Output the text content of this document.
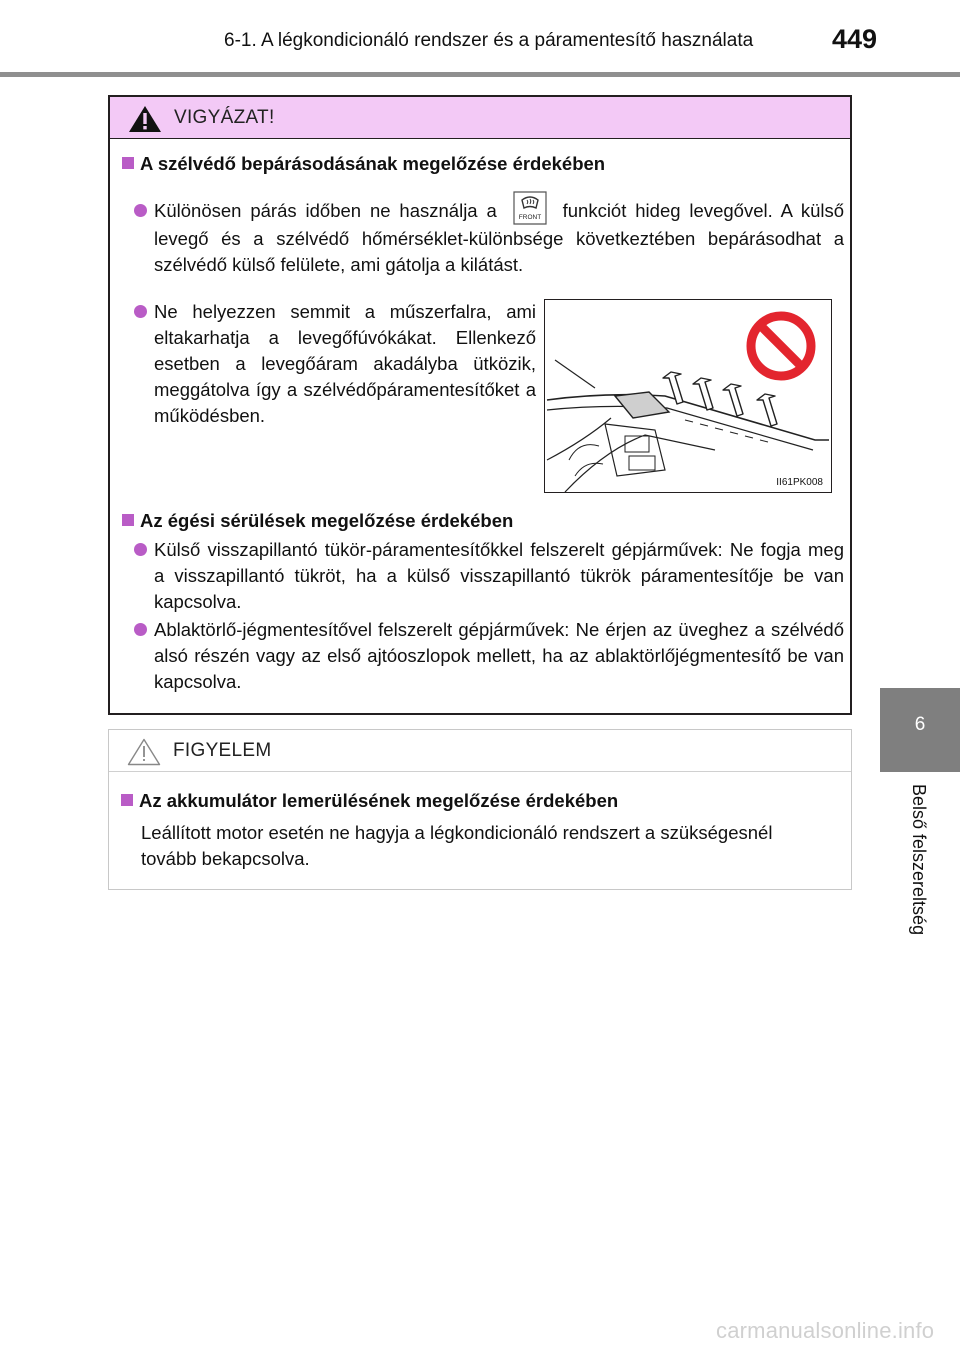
6-1. A légkondicionáló rendszer és a páramentesítő használata	449
6
Belső felszereltség
VIGYÁZAT!
A szélvédő bepárásodásának megelőzése érdekében
Különösen párás időben ne használja a	FRONT funkciót hideg levegővel. A külső levegő és a szélvédő hőmérséklet-különbsége következtében bepárásodhat a szélvédő külső felülete, ami gátolja a kilátást.
Ne helyezzen semmit a műszerfalra, ami eltakarhatja a levegőfúvókákat. Ellenkező esetben a levegőáram akadályba ütközik, meggátolva így a szélvédőpáramentesítőket a működésben.
II61PK008
Az égési sérülések megelőzése érdekében
Külső visszapillantó tükör-páramentesítőkkel felszerelt gépjárművek: Ne fogja meg a visszapillantó tükröt, ha a külső visszapillantó tükrök páramentesítője be van kapcsolva.
Ablaktörlő-jégmentesítővel felszerelt gépjárművek: Ne érjen az üveghez a szélvédő alsó részén vagy az első ajtóoszlopok mellett, ha az ablaktörlőjégmentesítő be van kapcsolva.
FIGYELEM
Az akkumulátor lemerülésének megelőzése érdekében
Leállított motor esetén ne hagyja a légkondicionáló rendszert a szükségesnél tovább bekapcsolva.
carmanualsonline.info
